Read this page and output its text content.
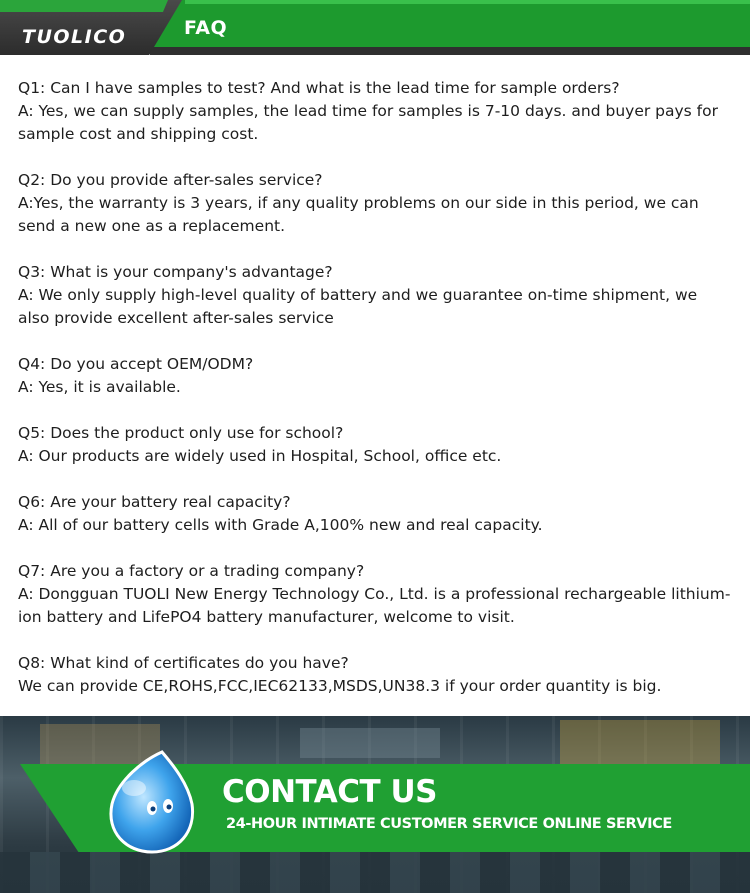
TUOLICO	FAQ

Q1: Can I have samples to test? And what is the lead time for sample orders?

A: Yes, we can supply samples, the lead time for samples is 7-10 days. and buyer pays for sample cost and shipping cost.

Q2: Do you provide after-sales service?

A:Yes, the warranty is 3 years, if any quality problems on our side in this period, we can send a new one as a replacement.

Q3: What is your company's advantage?

A: We only supply high-level quality of battery and we guarantee on-time shipment, we also provide excellent after-sales service

Q4: Do you accept OEM/ODM?

A: Yes, it is available.

Q5: Does the product only use for school?

A: Our products are widely used in Hospital, School, office etc.

Q6: Are your battery real capacity?

A: All of our battery cells with Grade A,100% new and real capacity.

Q7: Are you a factory or a trading company?

A: Dongguan TUOLI New Energy Technology Co., Ltd. is a professional rechargeable lithium-ion battery and LifePO4 battery manufacturer, welcome to visit.

Q8: What kind of certificates do you have?

We can provide CE,ROHS,FCC,IEC62133,MSDS,UN38.3 if your order quantity is big.

CONTACT US
24-HOUR INTIMATE CUSTOMER SERVICE ONLINE SERVICE
